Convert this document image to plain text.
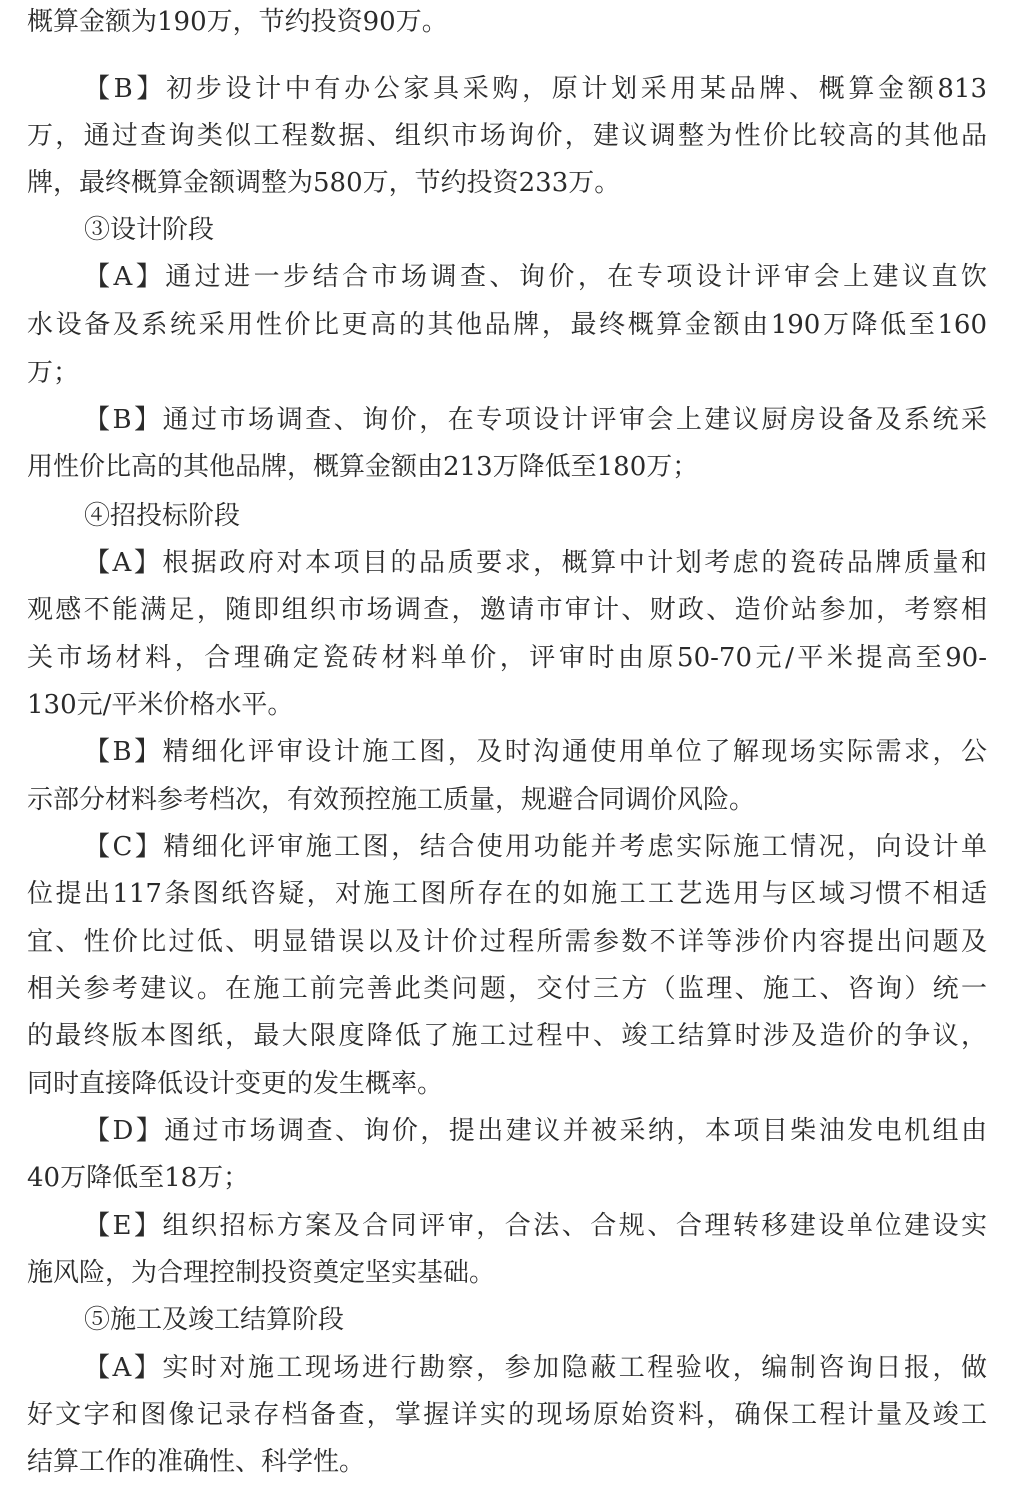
概算金额为190万，节约投资90万。
【B】初步设计中有办公家具采购，原计划采用某品牌、概算金额813
万，通过查询类似工程数据、组织市场询价，建议调整为性价比较高的其他品
牌，最终概算金额调整为580万，节约投资233万。
③设计阶段
【A】通过进一步结合市场调查、询价，在专项设计评审会上建议直饮
水设备及系统采用性价比更高的其他品牌，最终概算金额由190万降低至160
万；
【B】通过市场调查、询价，在专项设计评审会上建议厨房设备及系统采
用性价比高的其他品牌，概算金额由213万降低至180万；
④招投标阶段
【A】根据政府对本项目的品质要求，概算中计划考虑的瓷砖品牌质量和
观感不能满足，随即组织市场调查，邀请市审计、财政、造价站参加，考察相
关市场材料，合理确定瓷砖材料单价，评审时由原50-70元/平米提高至90-
130元/平米价格水平。
【B】精细化评审设计施工图，及时沟通使用单位了解现场实际需求，公
示部分材料参考档次，有效预控施工质量，规避合同调价风险。
【C】精细化评审施工图，结合使用功能并考虑实际施工情况，向设计单
位提出117条图纸咨疑，对施工图所存在的如施工工艺选用与区域习惯不相适
宜、性价比过低、明显错误以及计价过程所需参数不详等涉价内容提出问题及
相关参考建议。在施工前完善此类问题，交付三方（监理、施工、咨询）统一
的最终版本图纸，最大限度降低了施工过程中、竣工结算时涉及造价的争议，
同时直接降低设计变更的发生概率。
【D】通过市场调查、询价，提出建议并被采纳，本项目柴油发电机组由
40万降低至18万；
【E】组织招标方案及合同评审，合法、合规、合理转移建设单位建设实
施风险，为合理控制投资奠定坚实基础。
⑤施工及竣工结算阶段
【A】实时对施工现场进行勘察，参加隐蔽工程验收，编制咨询日报，做
好文字和图像记录存档备查，掌握详实的现场原始资料，确保工程计量及竣工
结算工作的准确性、科学性。
